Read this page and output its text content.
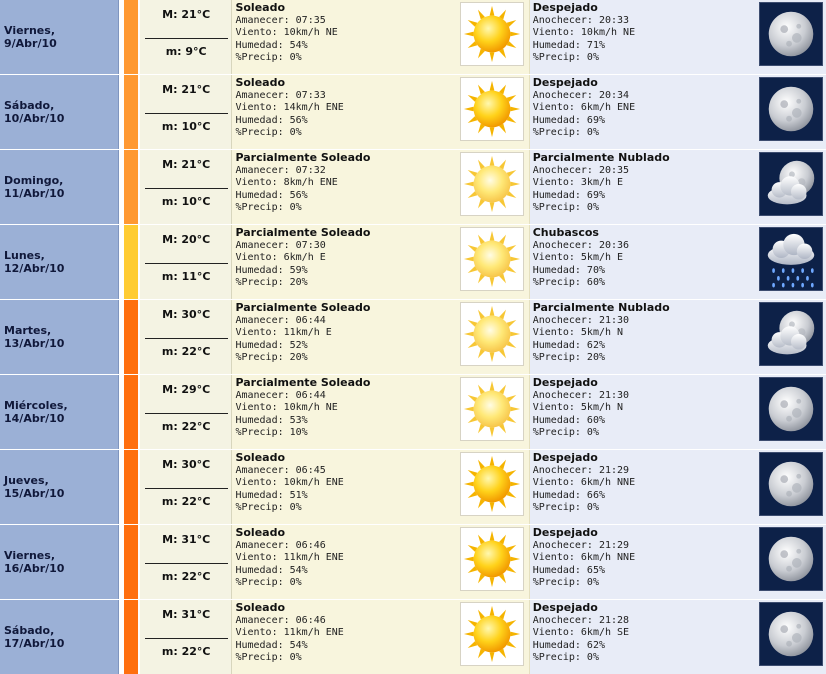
Viernes,
9/Abr/10
M: 21°C
m: 9°C
Soleado
Amanecer: 07:35
Viento: 10km/h NE
Humedad: 54%
%Precip: 0%
Despejado
Anochecer: 20:33
Viento: 10km/h NE
Humedad: 71%
%Precip: 0%
Sábado,
10/Abr/10
M: 21°C
m: 10°C
Soleado
Amanecer: 07:33
Viento: 14km/h ENE
Humedad: 56%
%Precip: 0%
Despejado
Anochecer: 20:34
Viento: 6km/h ENE
Humedad: 69%
%Precip: 0%
Domingo,
11/Abr/10
M: 21°C
m: 10°C
Parcialmente Soleado
Amanecer: 07:32
Viento: 8km/h ENE
Humedad: 56%
%Precip: 0%
Parcialmente Nublado
Anochecer: 20:35
Viento: 3km/h E
Humedad: 69%
%Precip: 0%
Lunes,
12/Abr/10
M: 20°C
m: 11°C
Parcialmente Soleado
Amanecer: 07:30
Viento: 6km/h E
Humedad: 59%
%Precip: 20%
Chubascos
Anochecer: 20:36
Viento: 5km/h E
Humedad: 70%
%Precip: 60%
Martes,
13/Abr/10
M: 30°C
m: 22°C
Parcialmente Soleado
Amanecer: 06:44
Viento: 11km/h E
Humedad: 52%
%Precip: 20%
Parcialmente Nublado
Anochecer: 21:30
Viento: 5km/h N
Humedad: 62%
%Precip: 20%
Miércoles,
14/Abr/10
M: 29°C
m: 22°C
Parcialmente Soleado
Amanecer: 06:44
Viento: 10km/h NE
Humedad: 53%
%Precip: 10%
Despejado
Anochecer: 21:30
Viento: 5km/h N
Humedad: 60%
%Precip: 0%
Jueves,
15/Abr/10
M: 30°C
m: 22°C
Soleado
Amanecer: 06:45
Viento: 10km/h ENE
Humedad: 51%
%Precip: 0%
Despejado
Anochecer: 21:29
Viento: 6km/h NNE
Humedad: 66%
%Precip: 0%
Viernes,
16/Abr/10
M: 31°C
m: 22°C
Soleado
Amanecer: 06:46
Viento: 11km/h ENE
Humedad: 54%
%Precip: 0%
Despejado
Anochecer: 21:29
Viento: 6km/h NNE
Humedad: 65%
%Precip: 0%
Sábado,
17/Abr/10
M: 31°C
m: 22°C
Soleado
Amanecer: 06:46
Viento: 11km/h ENE
Humedad: 54%
%Precip: 0%
Despejado
Anochecer: 21:28
Viento: 6km/h SE
Humedad: 62%
%Precip: 0%
